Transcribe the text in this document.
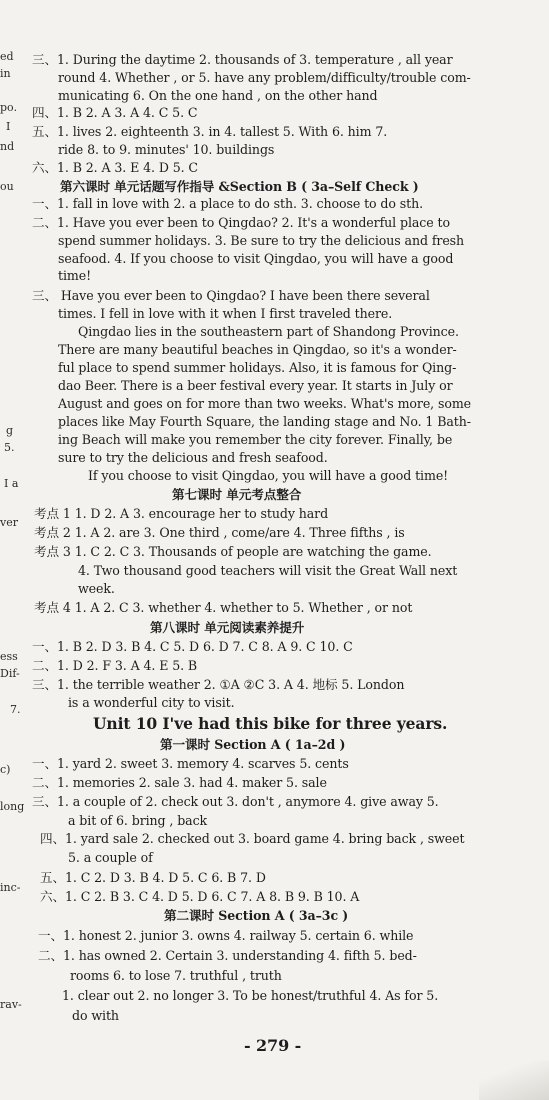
ed
in
ро.
I
nd
ou
g
5.
I a
ver
ess
Dif-
7.
c)
long
inc-
rav-
三、1. During the daytime 2. thousands of 3. temperature , all year
round 4. Whether , or 5. have any problem/difficulty/trouble com-
municating 6. On the one hand , on the other hand
四、1. B 2. A 3. A 4. C 5. C
五、1. lives 2. eighteenth 3. in 4. tallest 5. With 6. him 7.
ride 8. to 9. minutes' 10. buildings
六、1. B 2. A 3. E 4. D 5. C
第六课时 单元话题写作指导 &Section B ( 3a–Self Check )
一、1. fall in love with 2. a place to do sth. 3. choose to do sth.
二、1. Have you ever been to Qingdao? 2. It's a wonderful place to
spend summer holidays. 3. Be sure to try the delicious and fresh
seafood. 4. If you choose to visit Qingdao, you will have a good
time!
三、 Have you ever been to Qingdao? I have been there several
times. I fell in love with it when I first traveled there.
Qingdao lies in the southeastern part of Shandong Province.
There are many beautiful beaches in Qingdao, so it's a wonder-
ful place to spend summer holidays. Also, it is famous for Qing-
dao Beer. There is a beer festival every year. It starts in July or
August and goes on for more than two weeks. What's more, some
places like May Fourth Square, the landing stage and No. 1 Bath-
ing Beach will make you remember the city forever. Finally, be
sure to try the delicious and fresh seafood.
If you choose to visit Qingdao, you will have a good time!
第七课时 单元考点整合
考点 1 1. D 2. A 3. encourage her to study hard
考点 2 1. A 2. are 3. One third , come/are 4. Three fifths , is
考点 3 1. C 2. C 3. Thousands of people are watching the game.
4. Two thousand good teachers will visit the Great Wall next
week.
考点 4 1. A 2. C 3. whether 4. whether to 5. Whether , or not
第八课时 单元阅读素养提升
一、1. B 2. D 3. B 4. C 5. D 6. D 7. C 8. A 9. C 10. C
二、1. D 2. F 3. A 4. E 5. B
三、1. the terrible weather 2. ①A ②C 3. A 4. 地标 5. London
is a wonderful city to visit.
Unit 10 I've had this bike for three years.
第一课时 Section A ( 1a–2d )
一、1. yard 2. sweet 3. memory 4. scarves 5. cents
二、1. memories 2. sale 3. had 4. maker 5. sale
三、1. a couple of 2. check out 3. don't , anymore 4. give away 5.
a bit of 6. bring , back
四、1. yard sale 2. checked out 3. board game 4. bring back , sweet
5. a couple of
五、1. C 2. D 3. B 4. D 5. C 6. B 7. D
六、1. C 2. B 3. C 4. D 5. D 6. C 7. A 8. B 9. B 10. A
第二课时 Section A ( 3a–3c )
一、1. honest 2. junior 3. owns 4. railway 5. certain 6. while
二、1. has owned 2. Certain 3. understanding 4. fifth 5. bed-
rooms 6. to lose 7. truthful , truth
1. clear out 2. no longer 3. To be honest/truthful 4. As for 5.
do with
- 279 -
